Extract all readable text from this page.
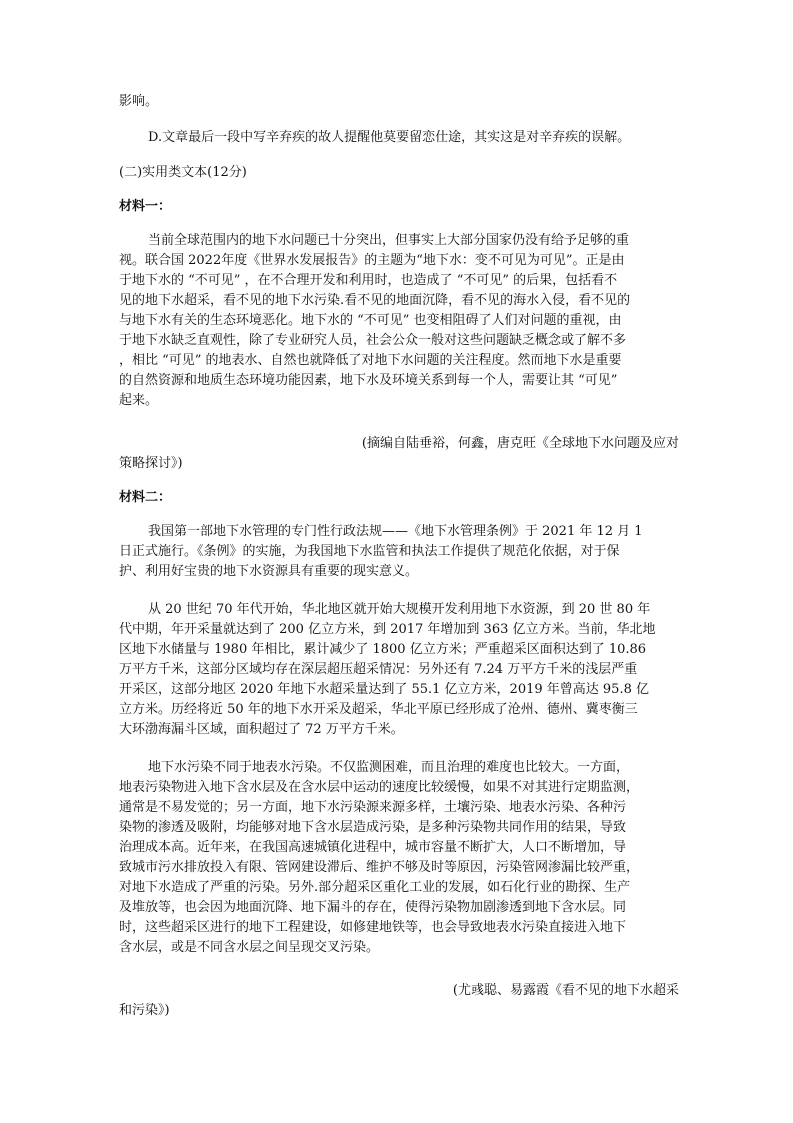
影响。

D.文章最后一段中写辛弃疾的故人提醒他莫要留恋仕途，其实这是对辛弃疾的误解。

(二)实用类文本(12分)

材料一：

当前全球范围内的地下水问题已十分突出，但事实上大部分国家仍没有给予足够的重
视。联合国 2022年度《世界水发展报告》的主题为“地下水：变不可见为可见”。正是由
于地下水的 “不可见” ，在不合理开发和利用时，也造成了 “不可见” 的后果，包括看不
见的地下水超采，看不见的地下水污染.看不见的地面沉降，看不见的海水入侵，看不见的
与地下水有关的生态环境恶化。地下水的 “不可见” 也变相阻碍了人们对问题的重视，由
于地下水缺乏直观性，除了专业研究人员，社会公众一般对这些问题缺乏概念或了解不多
，相比 “可见” 的地表水、自然也就降低了对地下水问题的关注程度。然而地下水是重要
的自然资源和地质生态环境功能因素，地下水及环境关系到每一个人，需要让其 “可见”
起来。
(摘编自陆垂裕，何鑫，唐克旺《全球地下水问题及应对
策略探讨》)

材料二：

我国第一部地下水管理的专门性行政法规——《地下水管理条例》于 2021 年 12 月 1
日正式施行。《条例》的实施，为我国地下水监管和执法工作提供了规范化依据，对于保
护、利用好宝贵的地下水资源具有重要的现实意义。
从 20 世纪 70 年代开始，华北地区就开始大规模开发利用地下水资源，到 20 世 80 年
代中期，年开采量就达到了 200 亿立方米，到 2017 年增加到 363 亿立方米。当前，华北地
区地下水储量与 1980 年相比，累计减少了 1800 亿立方米；严重超采区面积达到了 10.86
万平方千米，这部分区域均存在深层超压超采情况：另外还有 7.24 万平方千米的浅层严重
开采区，这部分地区 2020 年地下水超采量达到了 55.1 亿立方米，2019 年曾高达 95.8 亿
立方米。历经将近 50 年的地下水开采及超采，华北平原已经形成了沧州、德州、冀枣衡三
大环渤海漏斗区域，面积超过了 72 万平方千米。
地下水污染不同于地表水污染。不仅监测困难，而且治理的难度也比较大。一方面，
地表污染物进入地下含水层及在含水层中运动的速度比较缓慢，如果不对其进行定期监测，
通常是不易发觉的；另一方面，地下水污染源来源多样，土壤污染、地表水污染、各种污
染物的渗透及吸附，均能够对地下含水层造成污染，是多种污染物共同作用的结果，导致
治理成本高。近年来，在我国高速城镇化进程中，城市容量不断扩大，人口不断增加，导
致城市污水排放投入有限、管网建设滞后、维护不够及时等原因，污染管网渗漏比较严重，
对地下水造成了严重的污染。另外.部分超采区重化工业的发展，如石化行业的勘探、生产
及堆放等，也会因为地面沉降、地下漏斗的存在，使得污染物加剧渗透到地下含水层。同
时，这些超采区进行的地下工程建设，如修建地铁等，也会导致地表水污染直接进入地下
含水层，或是不同含水层之间呈现交叉污染。
(尤彧聪、易露霞《看不见的地下水超采
和污染》)
